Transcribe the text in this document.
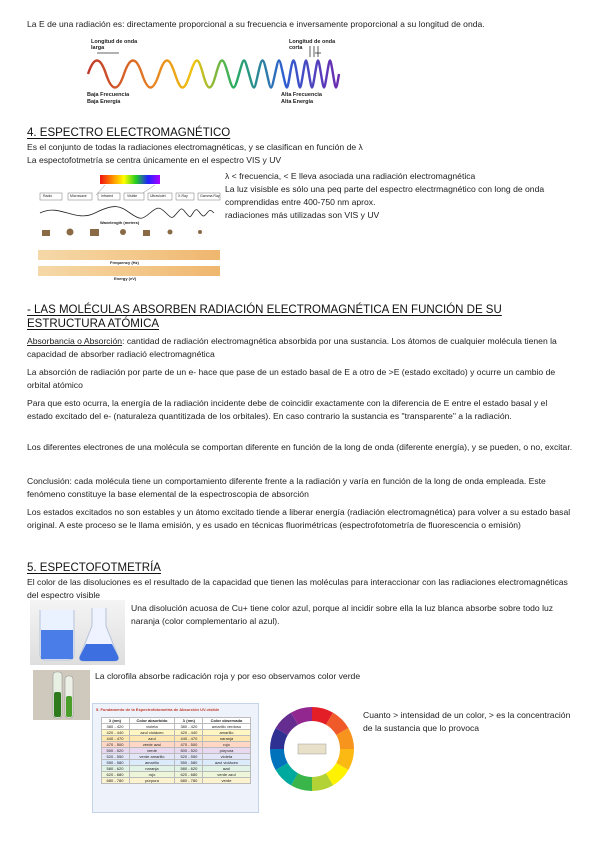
La E de una radiación es: directamente proporcional a su frecuencia e inversamente proporcional a su longitud de onda.

Longitud de onda larga
Baja Frecuencia
Baja Energía
Longitud de onda corta
Alta Frecuencia
Alta Energía
4. ESPECTRO ELECTROMAGNÉTICO

Es el conjunto de todas la radiaciones electromagnéticas, y se clasifican en función de λ

La espectofotmetría se centra únicamente en el espectro VIS y UV

Radio	Microwave	Infrared	Visible	Ultraviolet	X-Ray	Gamma Ray
Wavelength (metres)
Frequency (Hz)
Energy (eV)

λ < frecuencia, < E lleva asociada una radiación electromagnética

La luz visisble es sólo una peq parte del espectro electrmagnético con long de onda comprendidas entre 400-750 nm aprox.

radiaciones más utilizadas son VIS y UV

- LAS MOLÉCULAS ABSORBEN RADIACIÓN ELECTROMAGNÉTICA EN FUNCIÓN DE SU ESTRUCTURA ATÓMICA

Absorbancia o Absorción: cantidad de radiación electromagnética absorbida por una sustancia. Los átomos de cualquier molécula tienen la capacidad de absorber radiació electromagnética

La absorción de radiación por parte de un e- hace que pase de un estado basal de E a otro de >E (estado excitado) y ocurre un cambio de orbital atómico

Para que esto ocurra, la energía de la radiación incidente debe de coincidir exactamente con la diferencia de E entre el estado basal y el estado excitado del e- (naturaleza quantitizada de los orbitales). En caso contrario la sustancia es "transparente" a la radiación.

Los diferentes electrones de una molécula se comportan diferente en función de la long de onda (diferente energía), y se pueden, o no, excitar.

Conclusión: cada molécula tiene un comportamiento diferente frente a la radiación y varía en función de la long de onda empleada. Este fenómeno constituye la base elemental de la espectroscopia de absorción

Los estados excitados no son estables y un átomo excitado tiende a liberar energía (radiación electromagnética) para volver a su estado basal original. A este proceso se le llama emisión, y es usado en técnicas fluorimétricas (espectrofotometría de fluorescencia o emisión)

5. ESPECTOFOTMETRÍA

El color de las disoluciones es el resultado de la capacidad que tienen las moléculas para interaccionar con las radiaciones electromagnéticas del espectro visible

Una disolución acuosa de Cu+ tiene color azul, porque al incidir sobre ella la luz blanca absorbe sobre todo luz naranja (color complementario al azul).

La clorofila absorbe radicación roja y por eso observamos color verde

5. Fundamento de la Espectrofotometría de Absorción UV-visible
λ (nm)	Color absorbido	λ (nm)	Color observado
380 - 420	violeta	380 - 420	amarillo verdoso
420 - 440	azul violáceo	420 - 440	amarillo
440 - 470	azul	440 - 470	naranja
470 - 500	verde azul	470 - 500	rojo
500 - 520	verde	500 - 520	púrpura
520 - 550	verde amarillo	520 - 550	violeta
550 - 580	amarillo	550 - 580	azul violáceo
580 - 620	naranja	580 - 620	azul
620 - 680	rojo	620 - 680	verde azul
680 - 780	púrpura	680 - 780	verde

Cuanto > intensidad de un color, > es la concentración de la sustancia que lo provoca
